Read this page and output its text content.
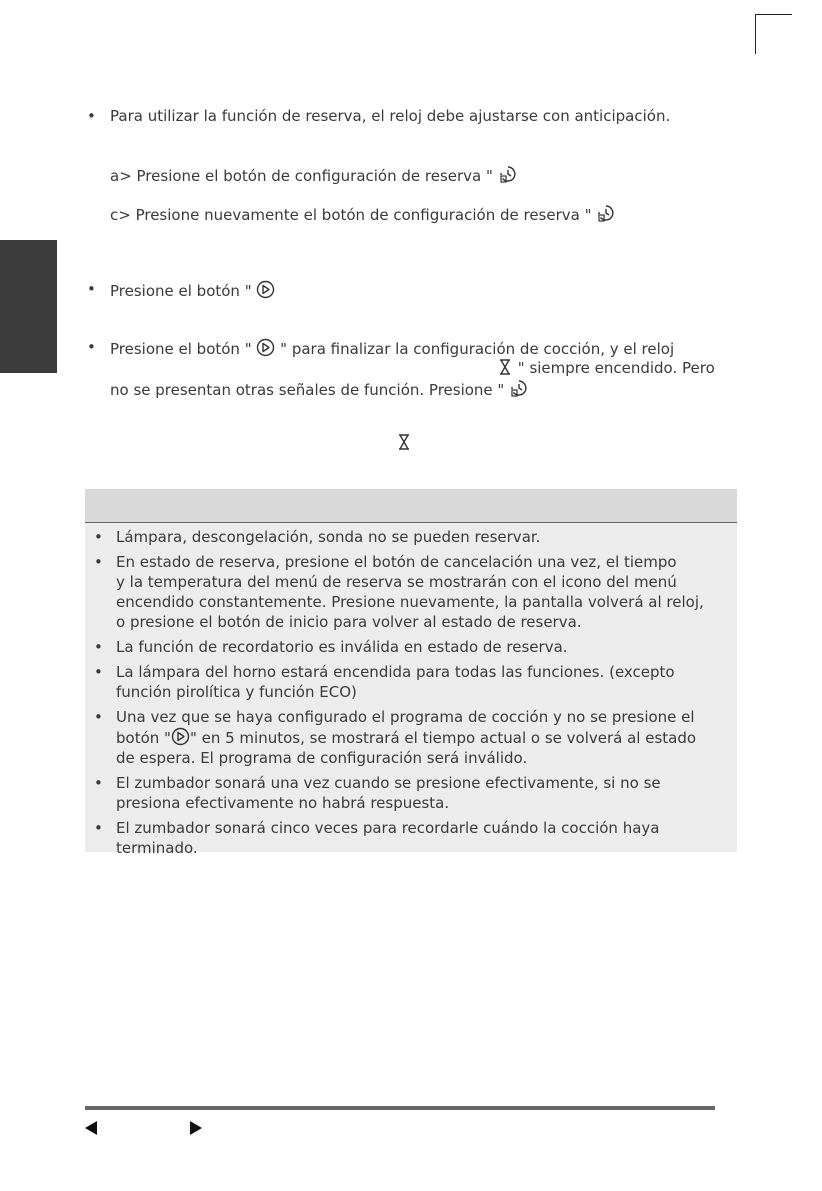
• Para utilizar la función de reserva, el reloj debe ajustarse con anticipación.
a> Presione el botón de configuración de reserva "
c> Presione nuevamente el botón de configuración de reserva "
• Presione el botón "
• Presione el botón " " para finalizar la configuración de cocción, y el reloj
" siempre encendido. Pero
no se presentan otras señales de función. Presione "
• Lámpara, descongelación, sonda no se pueden reservar.
• En estado de reserva, presione el botón de cancelación una vez, el tiempo
y la temperatura del menú de reserva se mostrarán con el icono del menú
encendido constantemente. Presione nuevamente, la pantalla volverá al reloj,
o presione el botón de inicio para volver al estado de reserva.
• La función de recordatorio es inválida en estado de reserva.
• La lámpara del horno estará encendida para todas las funciones. (excepto
función pirolítica y función ECO)
• Una vez que se haya configurado el programa de cocción y no se presione el
botón " " en 5 minutos, se mostrará el tiempo actual o se volverá al estado
de espera. El programa de configuración será inválido.
• El zumbador sonará una vez cuando se presione efectivamente, si no se
presiona efectivamente no habrá respuesta.
• El zumbador sonará cinco veces para recordarle cuándo la cocción haya
terminado.
